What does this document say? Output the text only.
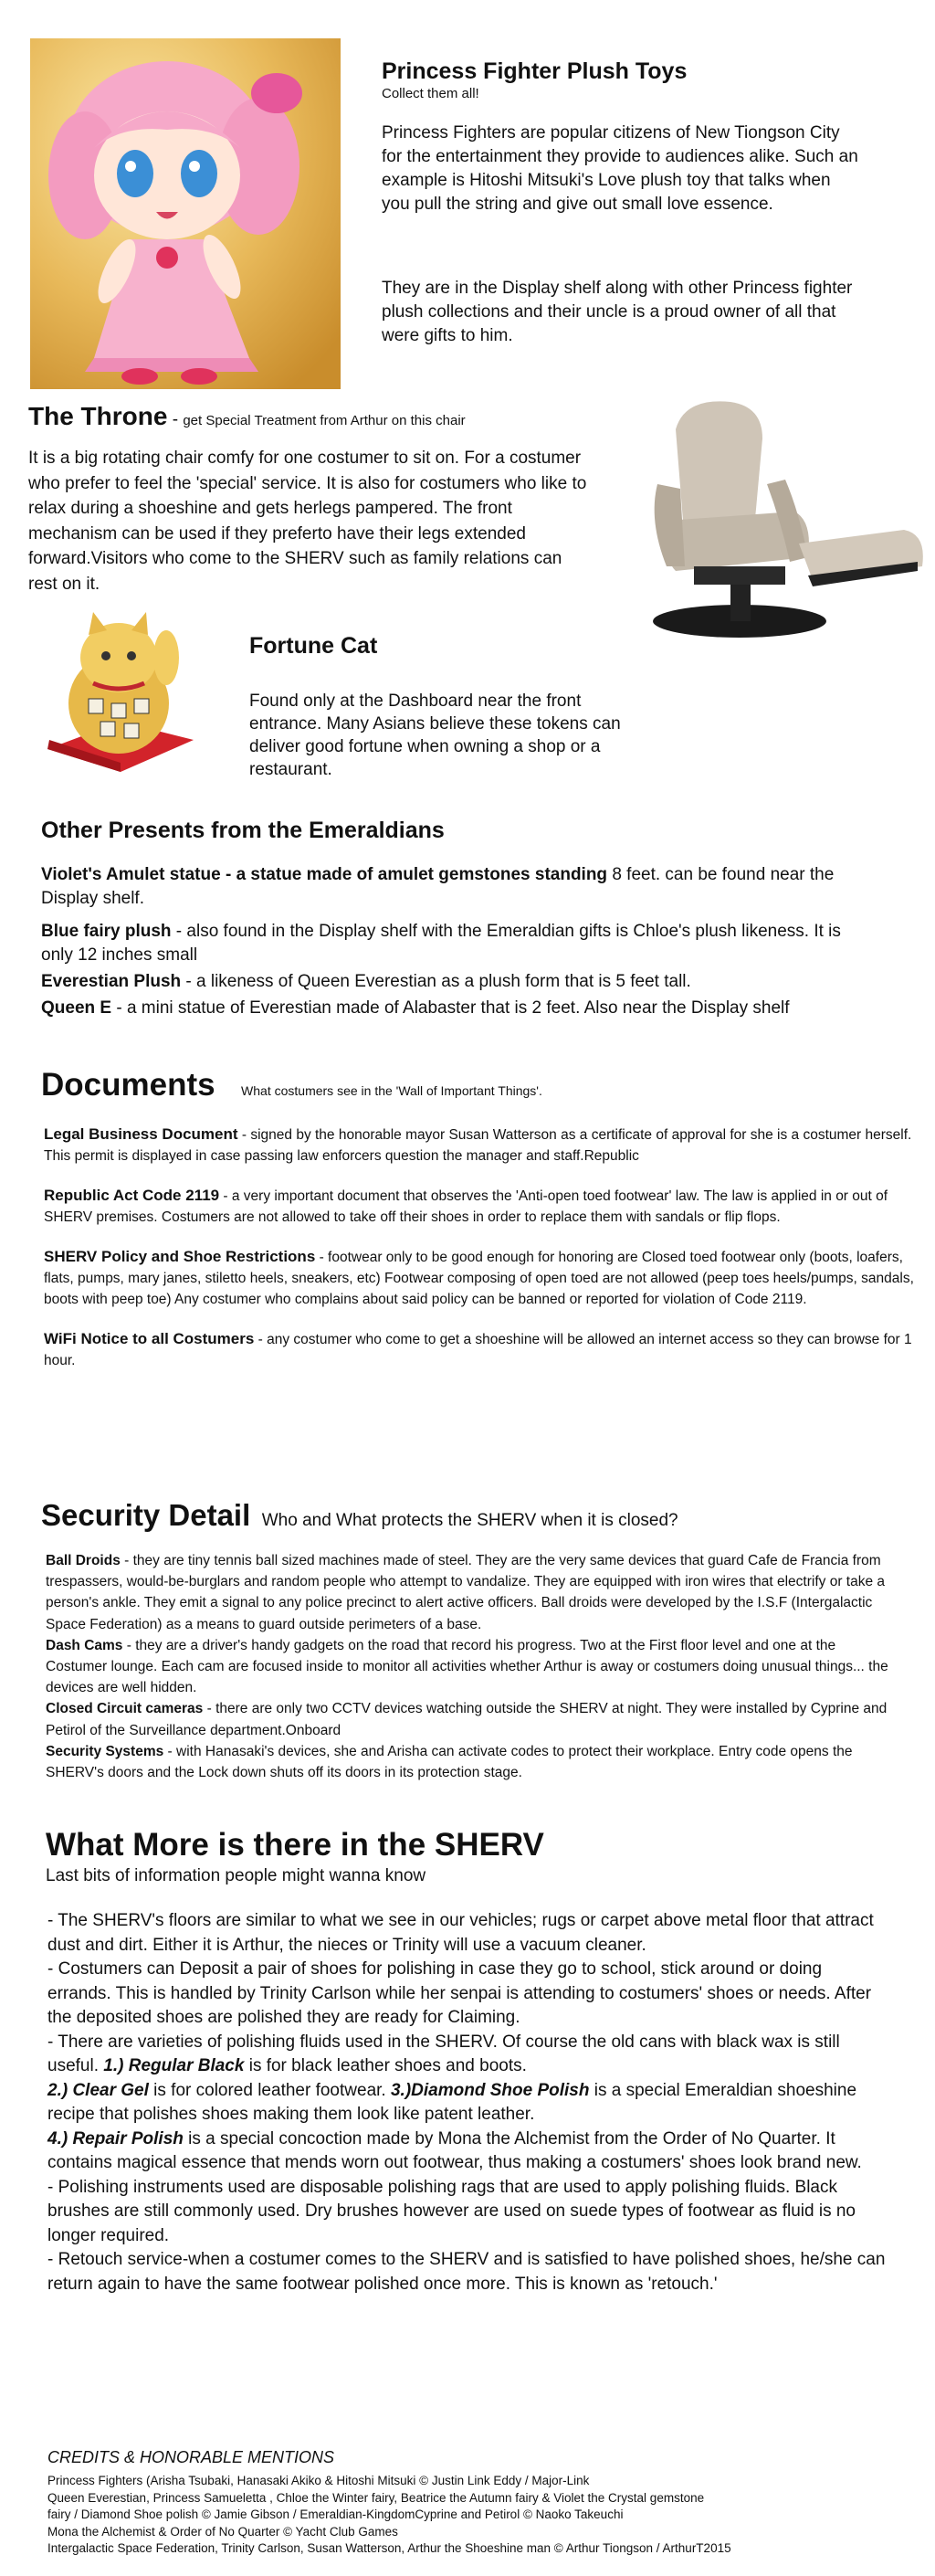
Princess Fighter Plush Toys
Collect them all!
Princess Fighters are popular citizens of New Tiongson City for the entertainment they provide to audiences alike. Such an example is Hitoshi Mitsuki's Love plush toy that talks when you pull the string and give out small love essence.
They are in the Display shelf along with other Princess fighter plush collections and their uncle is a proud owner of all that were gifts to him.
The Throne - get Special Treatment from Arthur on this chair
It is a big rotating chair comfy for one costumer to sit on. For a costumer who prefer to feel the 'special' service. It is also for costumers who like to relax during a shoeshine and gets herlegs pampered. The front mechanism can be used if they preferto have their legs extended forward.Visitors who come to the SHERV such as family relations can rest on it.
Fortune Cat
Found only at the Dashboard near the front entrance. Many Asians believe these tokens can deliver good fortune when owning a shop or a restaurant.
Other Presents from the Emeraldians
Violet's Amulet statue - a statue made of amulet gemstones standing 8 feet. can be found near the Display shelf.
Blue fairy plush - also found in the Display shelf with the Emeraldian gifts is Chloe's plush likeness. It is only 12 inches small
Everestian Plush - a likeness of Queen Everestian as a plush form that is 5 feet tall.
Queen E - a mini statue of Everestian made of Alabaster that is 2 feet. Also near the Display shelf
Documents What costumers see in the 'Wall of Important Things'.
Legal Business Document - signed by the honorable mayor Susan Watterson as a certificate of approval for she is a costumer herself. This permit is displayed in case passing law enforcers question the manager and staff.Republic
Republic Act Code 2119 - a very important document that observes the 'Anti-open toed footwear' law. The law is applied in or out of SHERV premises. Costumers are not allowed to take off their shoes in order to replace them with sandals or flip flops.
SHERV Policy and Shoe Restrictions - footwear only to be good enough for honoring are Closed toed footwear only (boots, loafers, flats, pumps, mary janes, stiletto heels, sneakers, etc) Footwear composing of open toed are not allowed (peep toes heels/pumps, sandals, boots with peep toe) Any costumer who complains about said policy can be banned or reported for violation of Code 2119.
WiFi Notice to all Costumers - any costumer who come to get a shoeshine will be allowed an internet access so they can browse for 1 hour.
Security Detail Who and What protects the SHERV when it is closed?
Ball Droids - they are tiny tennis ball sized machines made of steel. They are the very same devices that guard Cafe de Francia from trespassers, would-be-burglars and random people who attempt to vandalize. They are equipped with iron wires that electrify or take a person's ankle. They emit a signal to any police precinct to alert active officers. Ball droids were developed by the I.S.F (Intergalactic Space Federation) as a means to guard outside perimeters of a base.
Dash Cams - they are a driver's handy gadgets on the road that record his progress. Two at the First floor level and one at the Costumer lounge. Each cam are focused inside to monitor all activities whether Arthur is away or costumers doing unusual things... the devices are well hidden.
Closed Circuit cameras - there are only two CCTV devices watching outside the SHERV at night. They were installed by Cyprine and Petirol of the Surveillance department.Onboard
Security Systems - with Hanasaki's devices, she and Arisha can activate codes to protect their workplace. Entry code opens the SHERV's doors and the Lock down shuts off its doors in its protection stage.
What More is there in the SHERV
Last bits of information people might wanna know
- The SHERV's floors are similar to what we see in our vehicles; rugs or carpet above metal floor that attract dust and dirt. Either it is Arthur, the nieces or Trinity will use a vacuum cleaner.
- Costumers can Deposit a pair of shoes for polishing in case they go to school, stick around or doing errands. This is handled by Trinity Carlson while her senpai is attending to costumers' shoes or needs. After the deposited shoes are polished they are ready for Claiming.
- There are varieties of polishing fluids used in the SHERV. Of course the old cans with black wax is still useful. 1.) Regular Black is for black leather shoes and boots.
2.) Clear Gel is for colored leather footwear. 3.)Diamond Shoe Polish is a special Emeraldian shoeshine recipe that polishes shoes making them look like patent leather.
4.) Repair Polish is a special concoction made by Mona the Alchemist from the Order of No Quarter. It contains magical essence that mends worn out footwear, thus making a costumers' shoes look brand new.
- Polishing instruments used are disposable polishing rags that are used to apply polishing fluids. Black brushes are still commonly used. Dry brushes however are used on suede types of footwear as fluid is no longer required.
- Retouch service-when a costumer comes to the SHERV and is satisfied to have polished shoes, he/she can return again to have the same footwear polished once more. This is known as 'retouch.'
CREDITS & HONORABLE MENTIONS
Princess Fighters (Arisha Tsubaki, Hanasaki Akiko & Hitoshi Mitsuki © Justin Link Eddy / Major-Link
Queen Everestian, Princess Samueletta , Chloe the Winter fairy, Beatrice the Autumn fairy & Violet the Crystal gemstone
fairy / Diamond Shoe polish © Jamie Gibson / Emeraldian-KingdomCyprine and Petirol © Naoko Takeuchi
Mona the Alchemist & Order of No Quarter © Yacht Club Games
Intergalactic Space Federation, Trinity Carlson, Susan Watterson, Arthur the Shoeshine man © Arthur Tiongson / ArthurT2015
